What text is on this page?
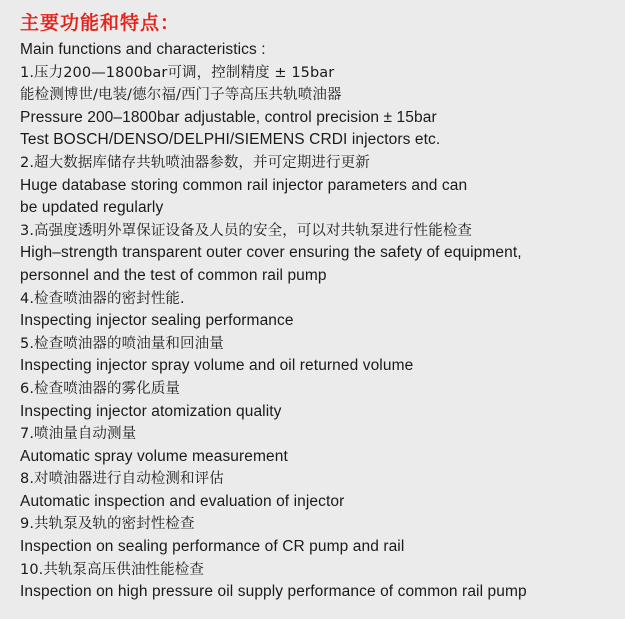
主要功能和特点：
Main functions and characteristics :
1.压力200—1800bar可调，控制精度 ± 15bar
能检测博世/电装/德尔福/西门子等高压共轨喷油器
Pressure 200–1800bar adjustable, control precision ± 15bar
Test BOSCH/DENSO/DELPHI/SIEMENS CRDI injectors etc.
2.超大数据库储存共轨喷油器参数，并可定期进行更新
Huge database storing common rail injector parameters and can
be updated regularly
3.高强度透明外罩保证设备及人员的安全，可以对共轨泵进行性能检查
High–strength transparent outer cover ensuring the safety of equipment,
personnel and the test of common rail pump
4.检查喷油器的密封性能.
Inspecting injector sealing performance
5.检查喷油器的喷油量和回油量
Inspecting injector spray volume and oil returned volume
6.检查喷油器的雾化质量
Inspecting injector atomization quality
7.喷油量自动测量
Automatic spray volume measurement
8.对喷油器进行自动检测和评估
Automatic inspection and evaluation of injector
9.共轨泵及轨的密封性检查
Inspection on sealing performance of CR pump and rail
10.共轨泵高压供油性能检查
Inspection on high pressure oil supply performance of common rail pump
